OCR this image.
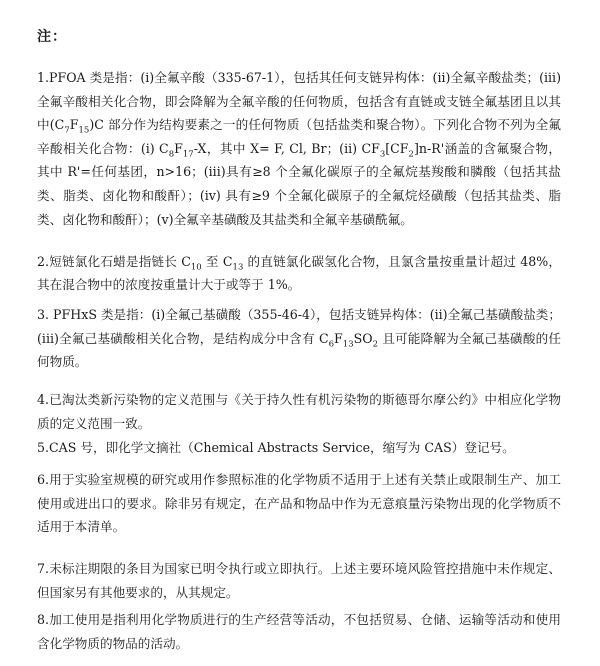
注：
1.PFOA 类是指：(i)全氟辛酸（335-67-1），包括其任何支链异构体：(ii)全氟辛酸盐类；(iii)全氟辛酸相关化合物，即会降解为全氟辛酸的任何物质，包括含有直链或支链全氟基团且以其中$(C_7F_{15})C$ 部分作为结构要素之一的任何物质（包括盐类和聚合物）。下列化合物不列为全氟辛酸相关化合物：(i) $C_8F_{17}-X$，其中 X= F, Cl, Br；(ii) $CF_3[CF_2]n-R'$涵盖的含氟聚合物，其中 R'=任何基团，n>16；(iii)具有≥8 个全氟化碳原子的全氟烷基羧酸和膦酸（包括其盐类、脂类、卤化物和酸酐）；(iv) 具有≥9 个全氟化碳原子的全氟烷烃磺酸（包括其盐类、脂类、卤化物和酸酐）；(v)全氟辛基磺酸及其盐类和全氟辛基磺酰氟。
2.短链氯化石蜡是指链长 $C_{10}$ 至 $C_{13}$ 的直链氯化碳氢化合物，且氯含量按重量计超过 48%，其在混合物中的浓度按重量计大于或等于 1%。
3. PFHxS 类是指：(i)全氟己基磺酸（355-46-4），包括支链异构体：(ii)全氟己基磺酸盐类；(iii)全氟己基磺酸相关化合物，是结构成分中含有 $C_6F_{13}SO_2$ 且可能降解为全氟己基磺酸的任何物质。
4.已淘汰类新污染物的定义范围与《关于持久性有机污染物的斯德哥尔摩公约》中相应化学物质的定义范围一致。
5.CAS 号，即化学文摘社（Chemical Abstracts Service，缩写为 CAS）登记号。
6.用于实验室规模的研究或用作参照标准的化学物质不适用于上述有关禁止或限制生产、加工使用或进出口的要求。除非另有规定，在产品和物品中作为无意痕量污染物出现的化学物质不适用于本清单。
7.未标注期限的条目为国家已明令执行或立即执行。上述主要环境风险管控措施中未作规定、但国家另有其他要求的，从其规定。
8.加工使用是指利用化学物质进行的生产经营等活动，不包括贸易、仓储、运输等活动和使用含化学物质的物品的活动。
